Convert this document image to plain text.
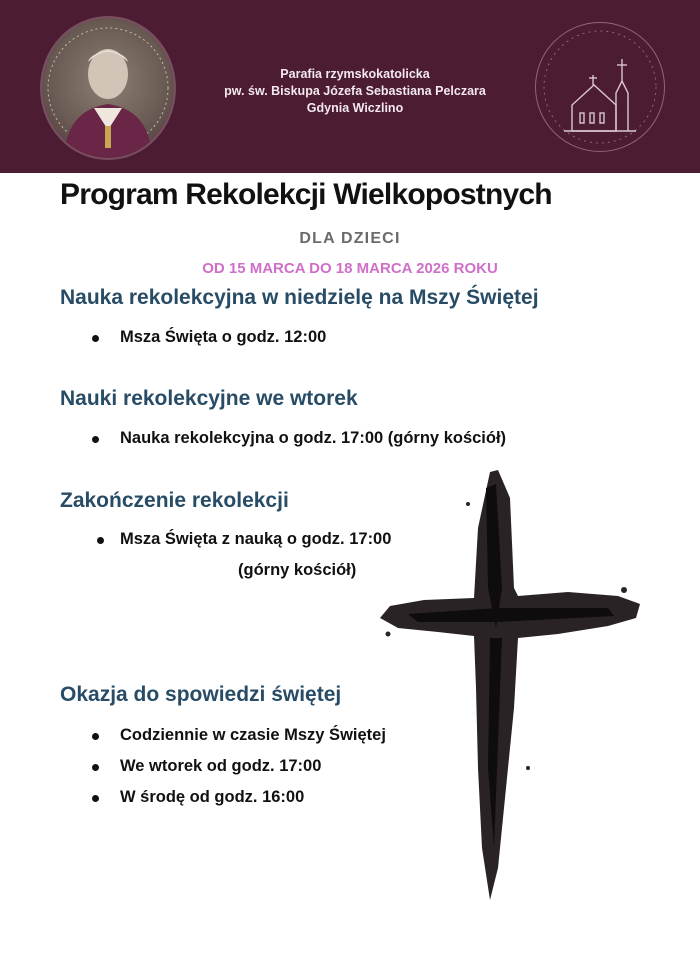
Parafia rzymskokatolicka
pw. św. Biskupa Józefa Sebastiana Pelczara
Gdynia Wiczlino
Program Rekolekcji Wielkopostnych
DLA DZIECI
OD 15 MARCA DO 18 MARCA 2026 ROKU
Nauka rekolekcyjna w niedzielę na Mszy Świętej
Msza Święta o godz. 12:00
Nauki rekolekcyjne we wtorek
Nauka rekolekcyjna o godz. 17:00 (górny kościół)
Zakończenie rekolekcji
Msza Święta z nauką o godz. 17:00
(górny kościół)
Okazja do spowiedzi świętej
Codziennie w czasie Mszy Świętej
We wtorek od godz. 17:00
W środę od godz. 16:00
